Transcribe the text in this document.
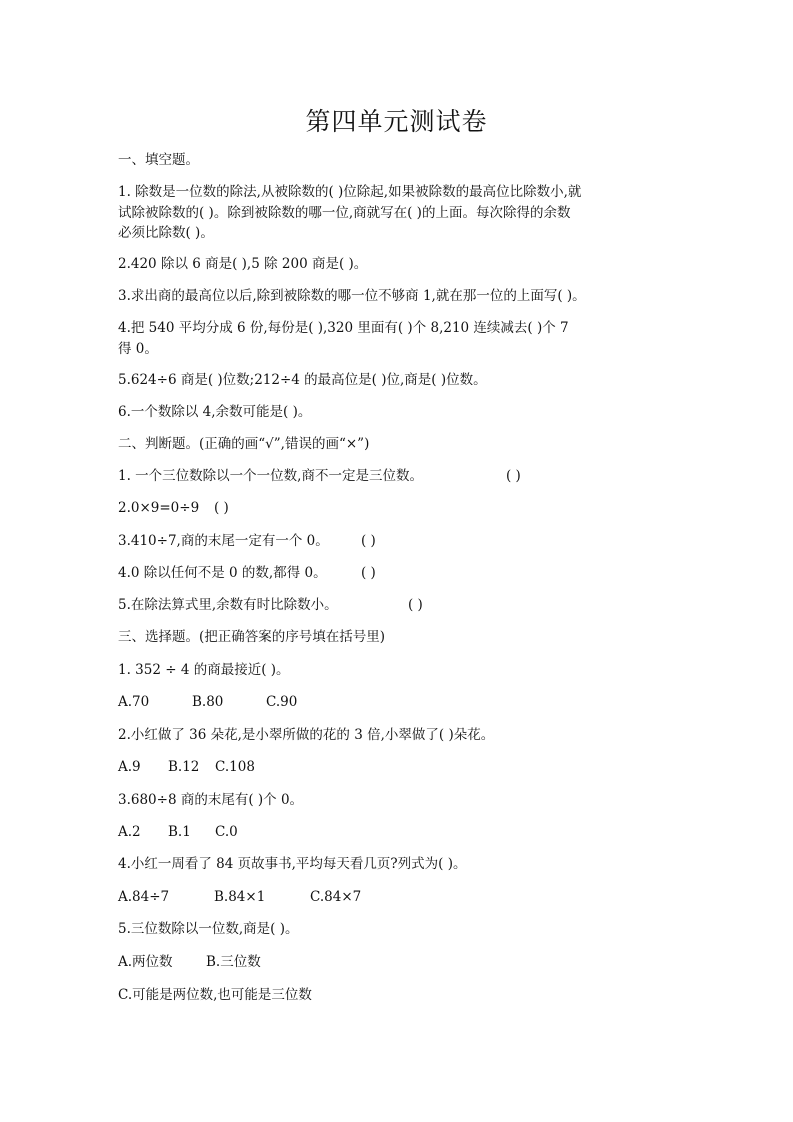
第四单元测试卷
一、填空题。
1. 除数是一位数的除法,从被除数的( )位除起,如果被除数的最高位比除数小,就
试除被除数的( )。除到被除数的哪一位,商就写在( )的上面。每次除得的余数
必须比除数( )。
2.420 除以 6 商是( ),5 除 200 商是( )。
3.求出商的最高位以后,除到被除数的哪一位不够商 1,就在那一位的上面写( )。
4.把 540 平均分成 6 份,每份是( ),320 里面有( )个 8,210 连续减去( )个 7
得 0。
5.624÷6 商是( )位数;212÷4 的最高位是( )位,商是( )位数。
6.一个数除以 4,余数可能是( )。
二、判断题。(正确的画“√”,错误的画“×”)
1. 一个三位数除以一个一位数,商不一定是三位数。	( )
2.0×9=0÷9 ( )
3.410÷7,商的末尾一定有一个 0。 ( )
4.0 除以任何不是 0 的数,都得 0。	( )
5.在除法算式里,余数有时比除数小。	( )
三、选择题。(把正确答案的序号填在括号里)
1. 352 ÷ 4 的商最接近( )。
A.70	B.80	C.90
2.小红做了 36 朵花,是小翠所做的花的 3 倍,小翠做了( )朵花。
A.9 B.12 C.108
3.680÷8 商的末尾有( )个 0。
A.2 B.1 C.0
4.小红一周看了 84 页故事书,平均每天看几页?列式为( )。
A.84÷7	B.84×1	C.84×7
5.三位数除以一位数,商是( )。
A.两位数 B.三位数
C.可能是两位数,也可能是三位数
